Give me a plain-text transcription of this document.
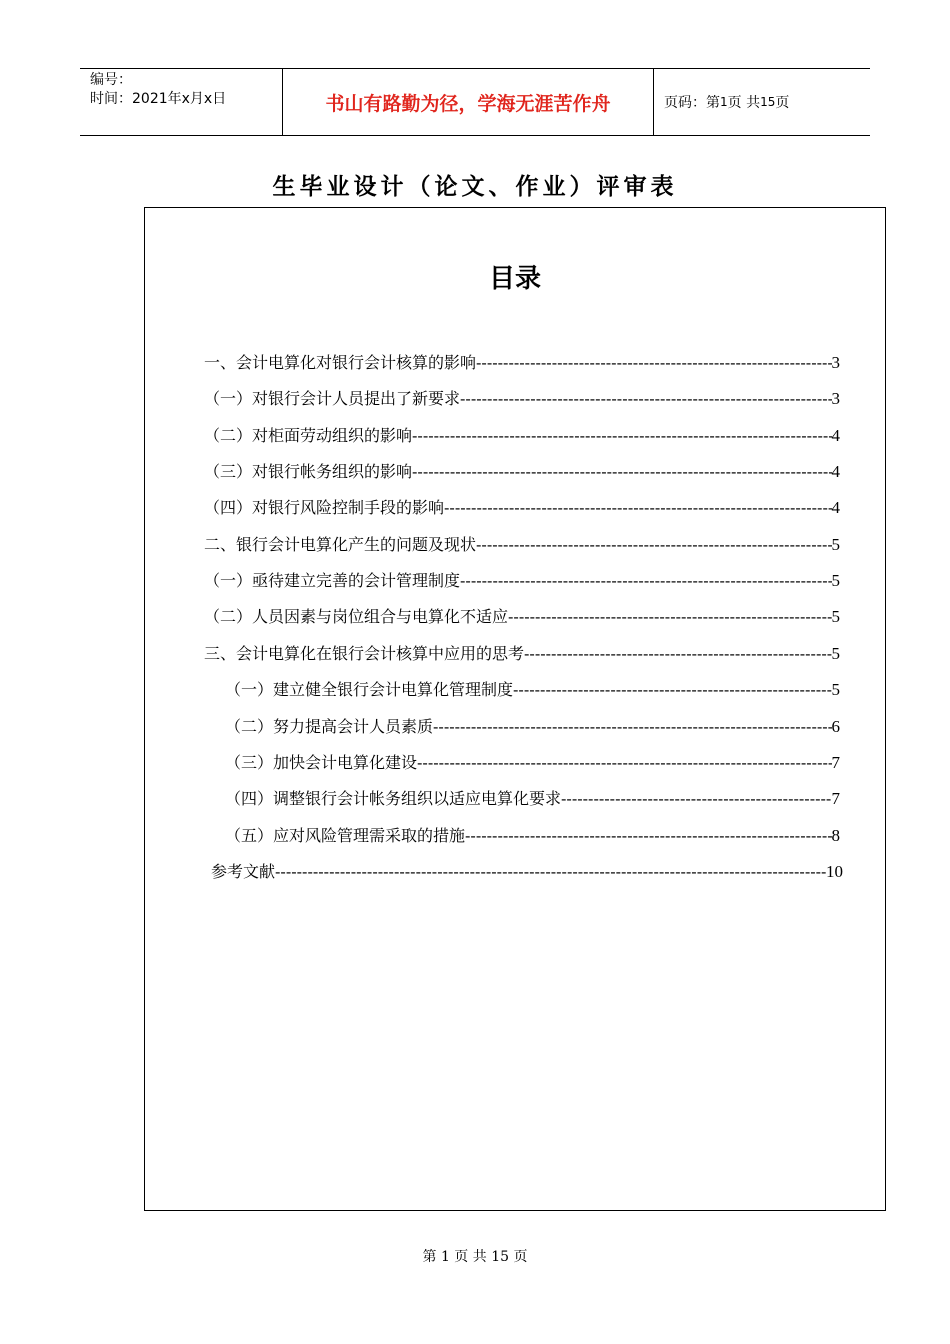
编号：
时间：2021年x月x日	书山有路勤为径，学海无涯苦作舟	页码：第 1 页 共 15 页
生毕业设计（论文、作业）评审表
目录
一、会计电算化对银行会计核算的影响 -----	3
（一）对银行会计人员提出了新要求 -----	3
（二）对柜面劳动组织的影响 -----	4
（三）对银行帐务组织的影响 -----	4
（四）对银行风险控制手段的影响 -----	4
二、银行会计电算化产生的问题及现状 -----	5
（一）亟待建立完善的会计管理制度 -----	5
（二）人员因素与岗位组合与电算化不适应 -----	5
三、会计电算化在银行会计核算中应用的思考 -----	5
（一）建立健全银行会计电算化管理制度 -----	5
（二）努力提高会计人员素质 -----	6
（三）加快会计电算化建设 -----	7
（四）调整银行会计帐务组织以适应电算化要求 -----	7
（五）应对风险管理需采取的措施 -----	8
参考文献 -----	10
第 1 页 共 15 页
